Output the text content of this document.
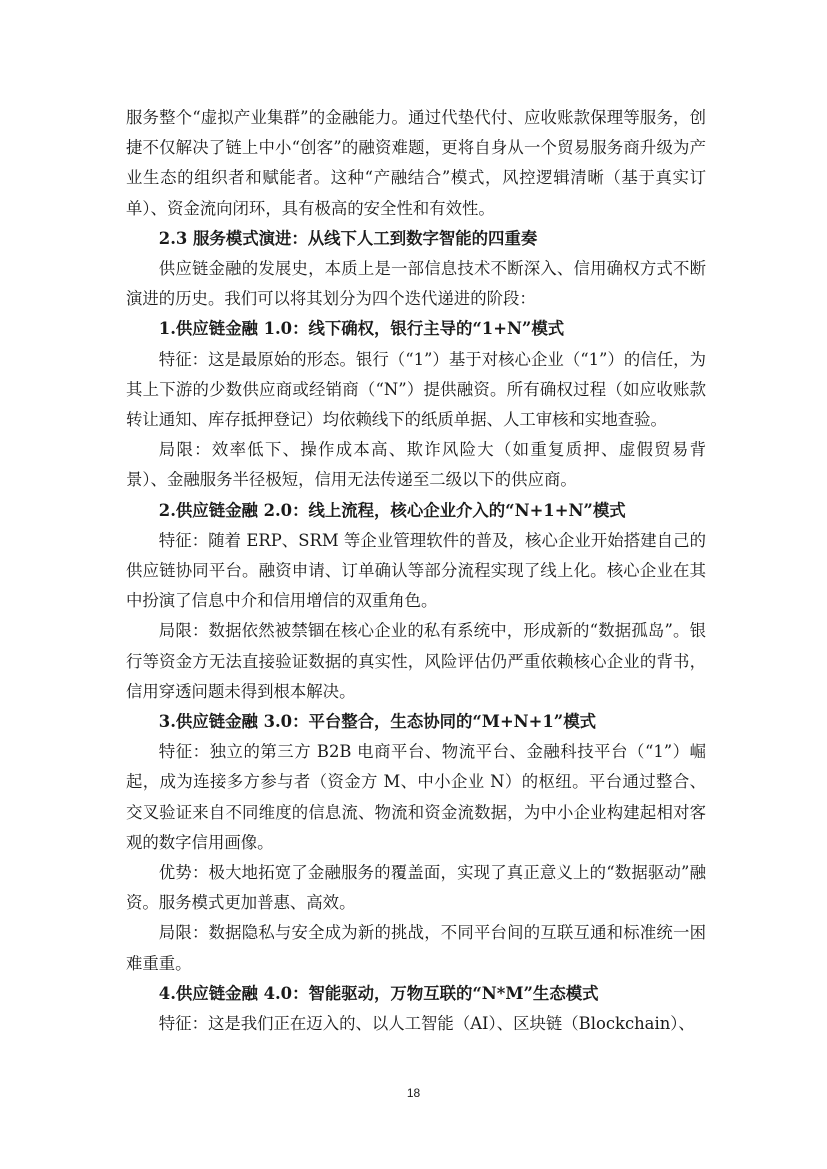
服务整个“虚拟产业集群”的金融能力。通过代垫代付、应收账款保理等服务，创捷不仅解决了链上中小“创客”的融资难题，更将自身从一个贸易服务商升级为产业生态的组织者和赋能者。这种“产融结合”模式，风控逻辑清晰（基于真实订单）、资金流向闭环，具有极高的安全性和有效性。

2.3 服务模式演进：从线下人工到数字智能的四重奏

供应链金融的发展史，本质上是一部信息技术不断深入、信用确权方式不断演进的历史。我们可以将其划分为四个迭代递进的阶段：

1.供应链金融 1.0：线下确权，银行主导的“1+N”模式

特征：这是最原始的形态。银行（“1”）基于对核心企业（“1”）的信任，为其上下游的少数供应商或经销商（“N”）提供融资。所有确权过程（如应收账款转让通知、库存抵押登记）均依赖线下的纸质单据、人工审核和实地查验。

局限：效率低下、操作成本高、欺诈风险大（如重复质押、虚假贸易背景）、金融服务半径极短，信用无法传递至二级以下的供应商。

2.供应链金融 2.0：线上流程，核心企业介入的“N+1+N”模式

特征：随着 ERP、SRM 等企业管理软件的普及，核心企业开始搭建自己的供应链协同平台。融资申请、订单确认等部分流程实现了线上化。核心企业在其中扮演了信息中介和信用增信的双重角色。

局限：数据依然被禁锢在核心企业的私有系统中，形成新的“数据孤岛”。银行等资金方无法直接验证数据的真实性，风险评估仍严重依赖核心企业的背书，信用穿透问题未得到根本解决。

3.供应链金融 3.0：平台整合，生态协同的“M+N+1”模式

特征：独立的第三方 B2B 电商平台、物流平台、金融科技平台（“1”）崛起，成为连接多方参与者（资金方 M、中小企业 N）的枢纽。平台通过整合、交叉验证来自不同维度的信息流、物流和资金流数据，为中小企业构建起相对客观的数字信用画像。

优势：极大地拓宽了金融服务的覆盖面，实现了真正意义上的“数据驱动”融资。服务模式更加普惠、高效。

局限：数据隐私与安全成为新的挑战，不同平台间的互联互通和标准统一困难重重。

4.供应链金融 4.0：智能驱动，万物互联的“N*M”生态模式

特征：这是我们正在迈入的、以人工智能（AI）、区块链（Blockchain）、

18
